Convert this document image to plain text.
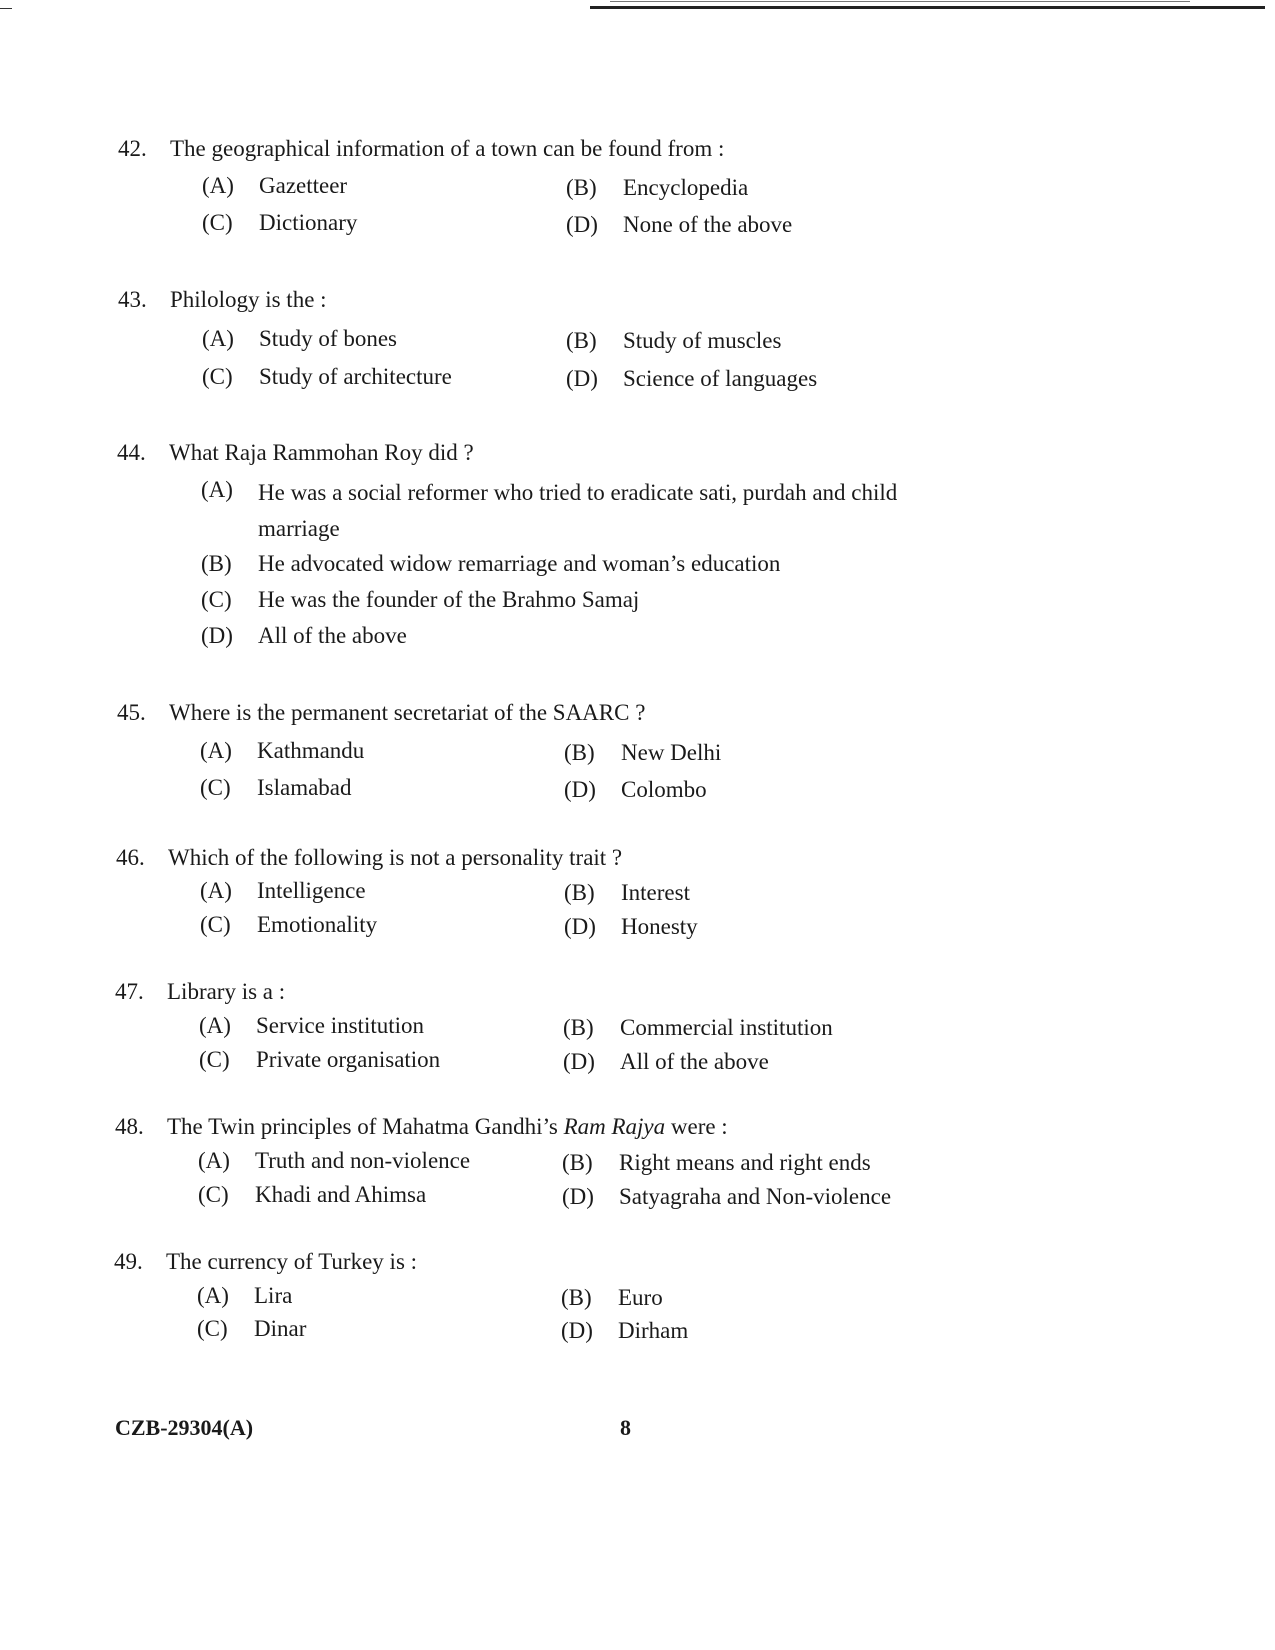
42.	The geographical information of a town can be found from :
(A) Gazetteer	(B) Encyclopedia
(C) Dictionary	(D) None of the above
43.	Philology is the :
(A) Study of bones	(B) Study of muscles
(C) Study of architecture	(D) Science of languages
44.	What Raja Rammohan Roy did ?
(A) He was a social reformer who tried to eradicate sati, purdah and child marriage
(B) He advocated widow remarriage and woman’s education
(C) He was the founder of the Brahmo Samaj
(D) All of the above
45.	Where is the permanent secretariat of the SAARC ?
(A) Kathmandu	(B) New Delhi
(C) Islamabad	(D) Colombo
46.	Which of the following is not a personality trait ?
(A) Intelligence	(B) Interest
(C) Emotionality	(D) Honesty
47.	Library is a :
(A) Service institution	(B) Commercial institution
(C) Private organisation	(D) All of the above
48.	The Twin principles of Mahatma Gandhi’s Ram Rajya were :
(A) Truth and non-violence	(B) Right means and right ends
(C) Khadi and Ahimsa	(D) Satyagraha and Non-violence
49.	The currency of Turkey is :
(A) Lira	(B) Euro
(C) Dinar	(D) Dirham
CZB-29304(A)	8
